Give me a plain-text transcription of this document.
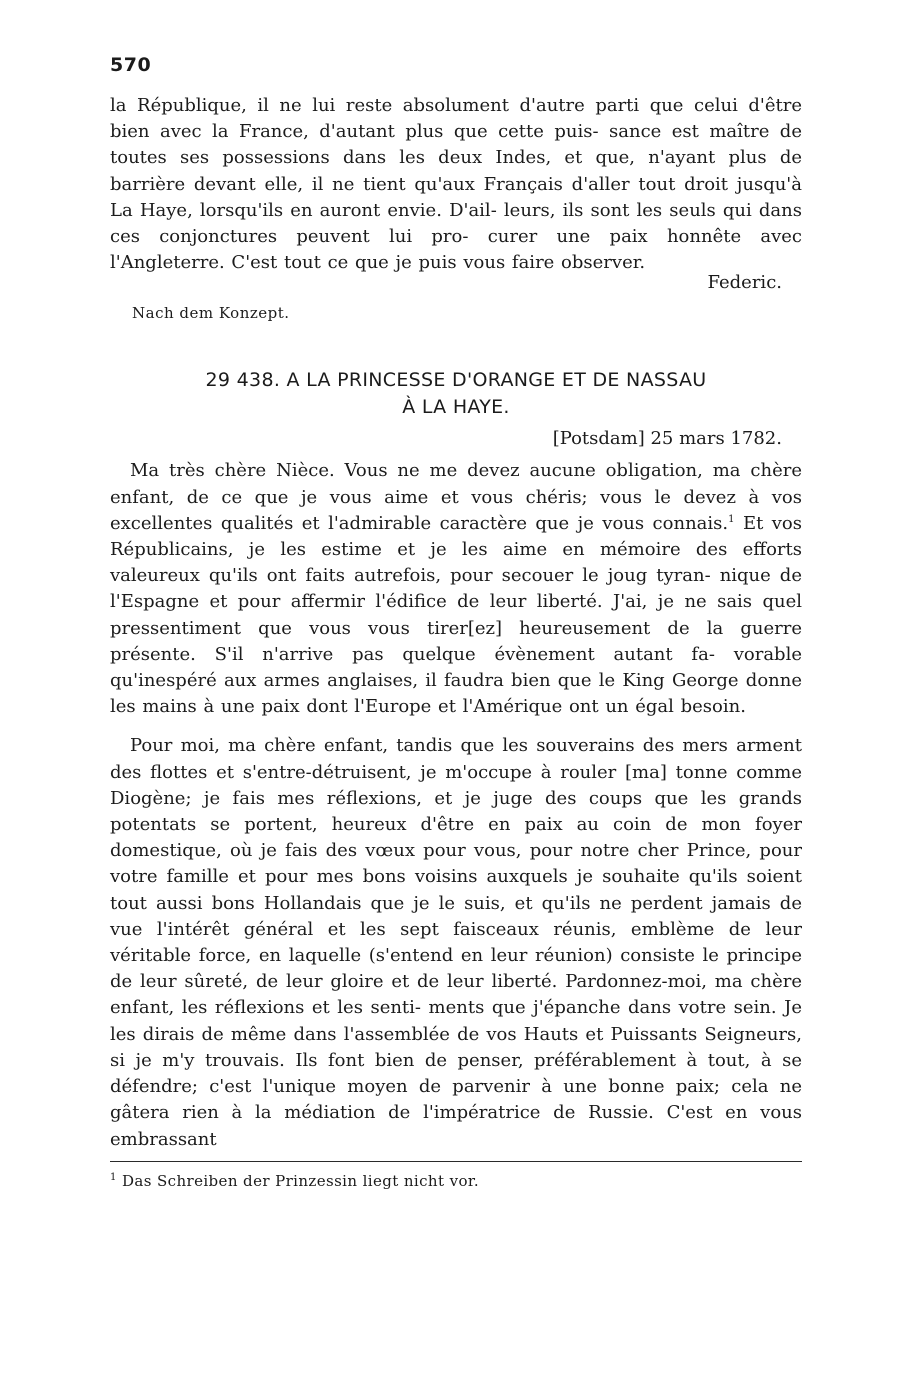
570

la République, il ne lui reste absolument d'autre parti que celui d'être bien avec la France, d'autant plus que cette puis- sance est maître de toutes ses possessions dans les deux Indes, et que, n'ayant plus de barrière devant elle, il ne tient qu'aux Français d'aller tout droit jusqu'à La Haye, lorsqu'ils en auront envie. D'ail- leurs, ils sont les seuls qui dans ces conjonctures peuvent lui pro- curer une paix honnête avec l'Angleterre. C'est tout ce que je puis vous faire observer.

Federic.
Nach dem Konzept.
29 438. A LA PRINCESSE D'ORANGE ET DE NASSAU
À LA HAYE.
[Potsdam] 25 mars 1782.

Ma très chère Nièce. Vous ne me devez aucune obligation, ma chère enfant, de ce que je vous aime et vous chéris; vous le devez à vos excellentes qualités et l'admirable caractère que je vous connais.$^1$ Et vos Républicains, je les estime et je les aime en mémoire des efforts valeureux qu'ils ont faits autrefois, pour secouer le joug tyran- nique de l'Espagne et pour affermir l'édifice de leur liberté. J'ai, je ne sais quel pressentiment que vous vous tirer[ez] heureusement de la guerre présente. S'il n'arrive pas quelque évènement autant fa- vorable qu'inespéré aux armes anglaises, il faudra bien que le King George donne les mains à une paix dont l'Europe et l'Amérique ont un égal besoin.

Pour moi, ma chère enfant, tandis que les souverains des mers arment des flottes et s'entre-détruisent, je m'occupe à rouler [ma] tonne comme Diogène; je fais mes réflexions, et je juge des coups que les grands potentats se portent, heureux d'être en paix au coin de mon foyer domestique, où je fais des vœux pour vous, pour notre cher Prince, pour votre famille et pour mes bons voisins auxquels je souhaite qu'ils soient tout aussi bons Hollandais que je le suis, et qu'ils ne perdent jamais de vue l'intérêt général et les sept faisceaux réunis, emblème de leur véritable force, en laquelle (s'entend en leur réunion) consiste le principe de leur sûreté, de leur gloire et de leur liberté. Pardonnez-moi, ma chère enfant, les réflexions et les senti- ments que j'épanche dans votre sein. Je les dirais de même dans l'assemblée de vos Hauts et Puissants Seigneurs, si je m'y trouvais. Ils font bien de penser, préférablement à tout, à se défendre; c'est l'unique moyen de parvenir à une bonne paix; cela ne gâtera rien à la médiation de l'impératrice de Russie. C'est en vous embrassant

$^1$ Das Schreiben der Prinzessin liegt nicht vor.
